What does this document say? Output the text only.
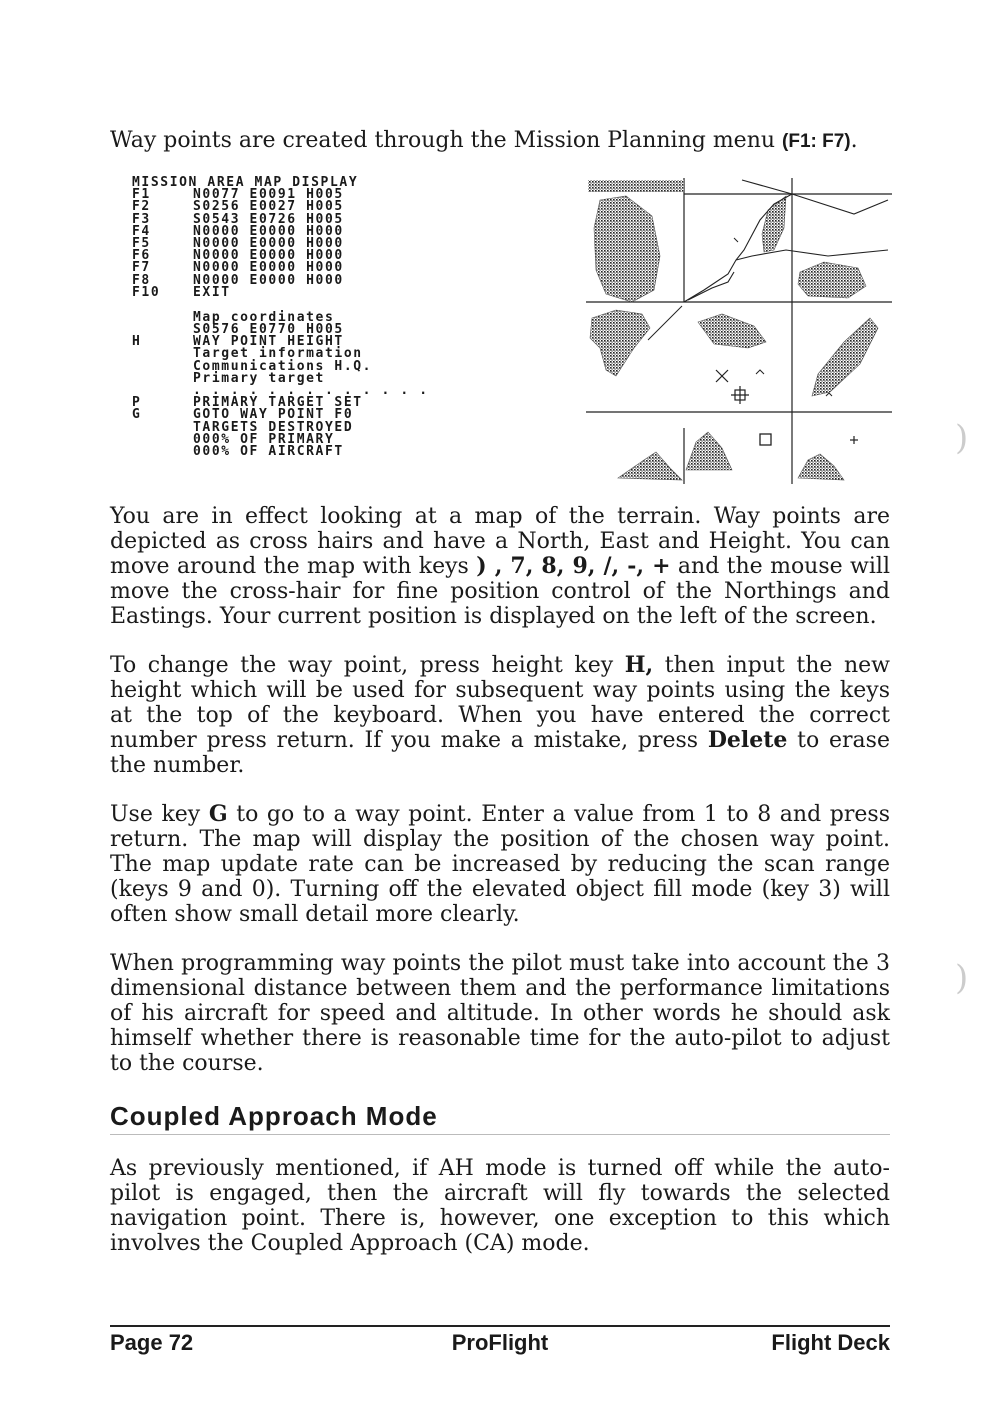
Way points are created through the Mission Planning menu (F1: F7).

MISSION AREA MAP DISPLAY
F1	N0077 E0091 H005
F2	S0256 E0027 H005
F3	S0543 E0726 H005
F4	N0000 E0000 H000
F5	N0000 E0000 H000
F6	N0000 E0000 H000
F7	N0000 E0000 H000
F8	N0000 E0000 H000
F10	EXIT
Map coordinates
S0576 E0770 H005
H	WAY POINT HEIGHT
Target information
Communications H.Q.
Primary target
. . . . . . . . . . . . .
P	PRIMARY TARGET SET
G	GOTO WAY POINT F0
TARGETS DESTROYED
000% OF PRIMARY
000% OF AIRCRAFT

You are in effect looking at a map of the terrain. Way points are depicted as cross hairs and have a North, East and Height. You can move around the map with keys ) , 7, 8, 9, /, -, + and the mouse will move the cross-hair for fine position control of the Northings and Eastings. Your current position is displayed on the left of the screen.

To change the way point, press height key H, then input the new height which will be used for subsequent way points using the keys at the top of the keyboard. When you have entered the correct number press return. If you make a mistake, press Delete to erase the number.

Use key G to go to a way point. Enter a value from 1 to 8 and press return. The map will display the position of the chosen way point. The map update rate can be increased by reducing the scan range (keys 9 and 0). Turning off the elevated object fill mode (key 3) will often show small detail more clearly.

When programming way points the pilot must take into account the 3 dimensional distance between them and the performance limitations of his aircraft for speed and altitude. In other words he should ask himself whether there is reasonable time for the auto-pilot to adjust to the course.

Coupled Approach Mode

As previously mentioned, if AH mode is turned off while the auto-pilot is engaged, then the aircraft will fly towards the selected navigation point. There is, however, one exception to this which involves the Coupled Approach (CA) mode.

Page 72	ProFlight	Flight Deck
)
)
